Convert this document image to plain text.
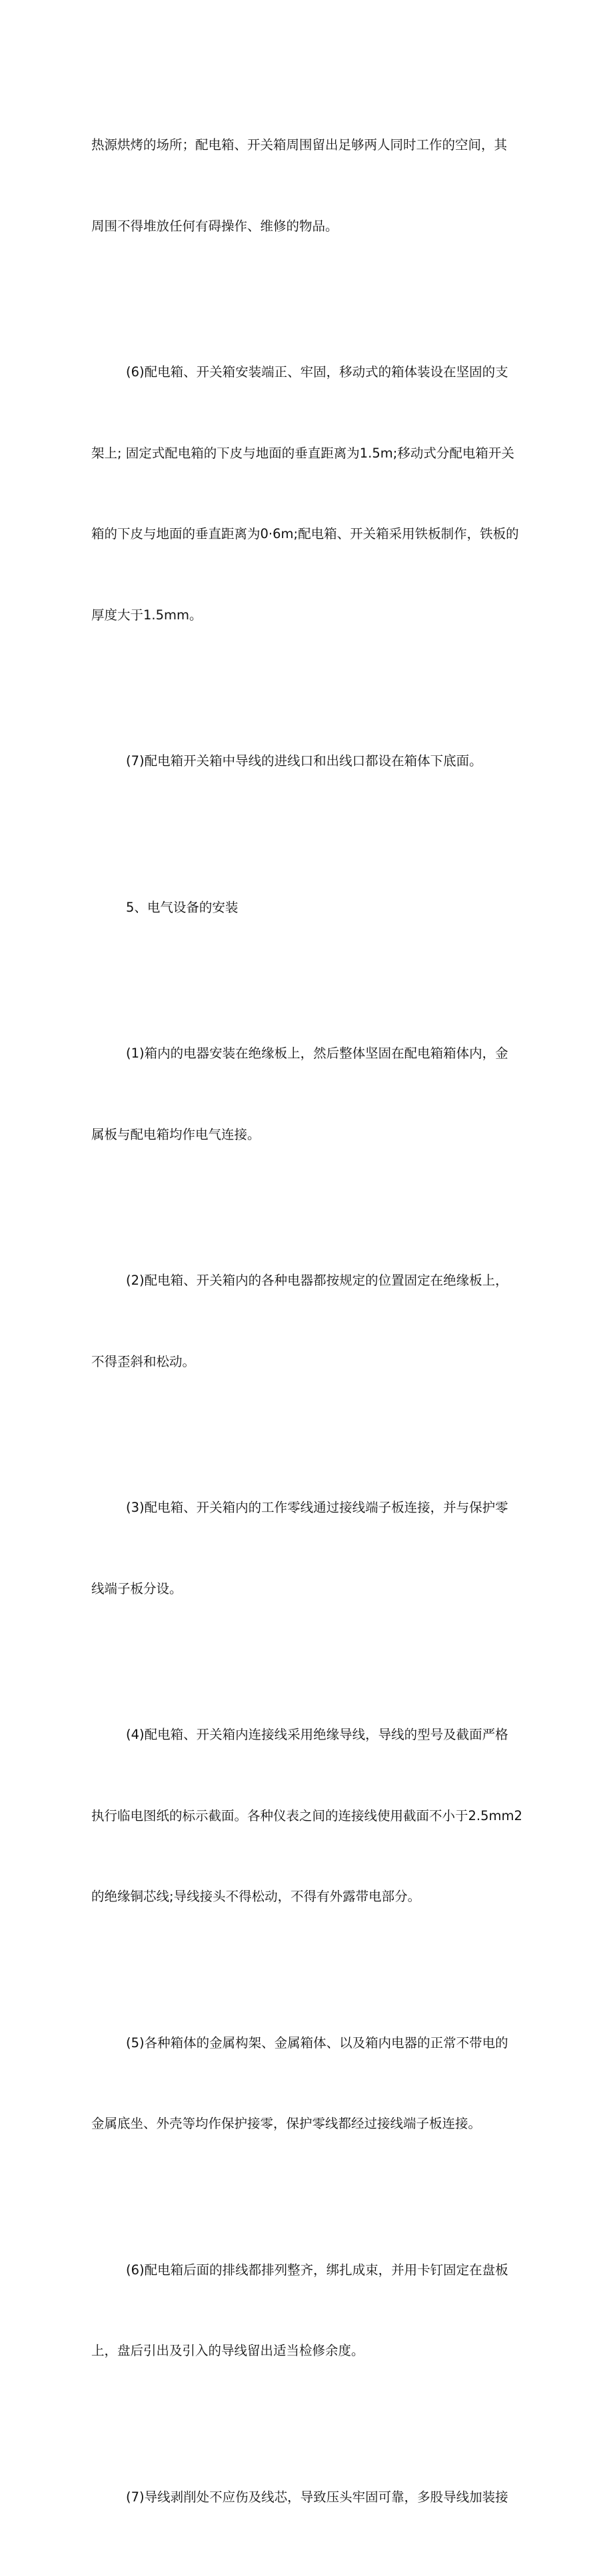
热源烘烤的场所；配电箱、开关箱周围留出足够两人同时工作的空间，其

周围不得堆放任何有碍操作、维修的物品。

(6)配电箱、开关箱安装端正、牢固，移动式的箱体装设在坚固的支

架上; 固定式配电箱的下皮与地面的垂直距离为1.5m;移动式分配电箱开关

箱的下皮与地面的垂直距离为0·6m;配电箱、开关箱采用铁板制作，铁板的

厚度大于1.5mm。

(7)配电箱开关箱中导线的进线口和出线口都设在箱体下底面。

5、电气设备的安装

(1)箱内的电器安装在绝缘板上，然后整体坚固在配电箱箱体内，金

属板与配电箱均作电气连接。

(2)配电箱、开关箱内的各种电器都按规定的位置固定在绝缘板上，

不得歪斜和松动。

(3)配电箱、开关箱内的工作零线通过接线端子板连接，并与保护零

线端子板分设。

(4)配电箱、开关箱内连接线采用绝缘导线，导线的型号及截面严格

执行临电图纸的标示截面。各种仪表之间的连接线使用截面不小于2.5mm2

的绝缘铜芯线;导线接头不得松动，不得有外露带电部分。

(5)各种箱体的金属构架、金属箱体、以及箱内电器的正常不带电的

金属底坐、外壳等均作保护接零，保护零线都经过接线端子板连接。

(6)配电箱后面的排线都排列整齐，绑扎成束，并用卡钉固定在盘板

上，盘后引出及引入的导线留出适当检修余度。

(7)导线剥削处不应伤及线芯，导致压头牢固可靠，多股导线加装接
